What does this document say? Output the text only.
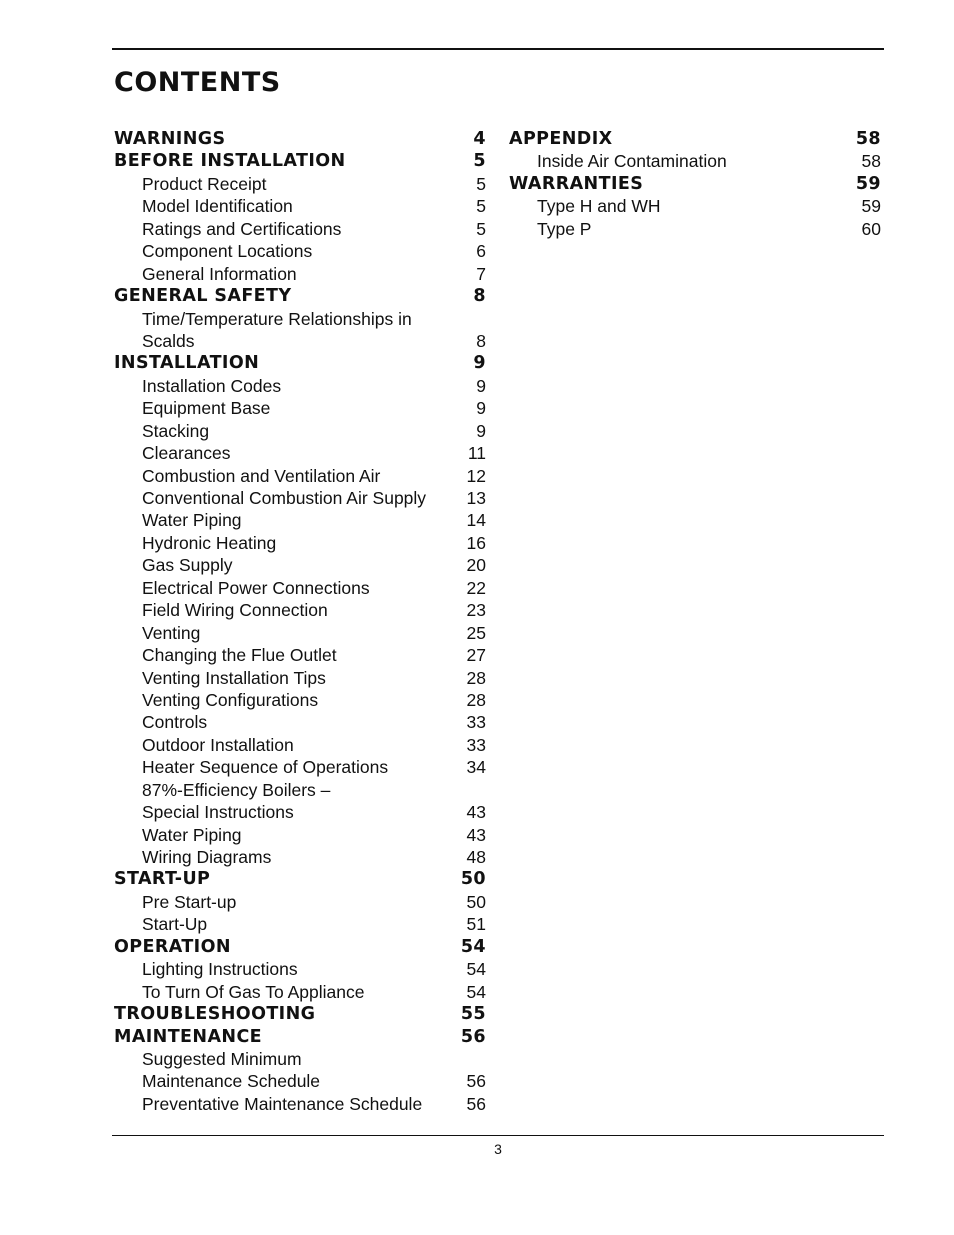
CONTENTS
WARNINGS	4
BEFORE INSTALLATION	5
Product Receipt	5
Model Identification	5
Ratings and Certifications	5
Component Locations	6
General Information	7
GENERAL SAFETY	8
Time/Temperature Relationships in
Scalds	8
INSTALLATION	9
Installation Codes	9
Equipment Base	9
Stacking	9
Clearances	11
Combustion and Ventilation Air	12
Conventional Combustion Air Supply 13
Water Piping	14
Hydronic Heating	16
Gas Supply	20
Electrical Power Connections	22
Field Wiring Connection	23
Venting	25
Changing the Flue Outlet	27
Venting Installation Tips	28
Venting Configurations	28
Controls	33
Outdoor Installation	33
Heater Sequence of Operations	34
87%-Efficiency Boilers –
Special Instructions	43
Water Piping	43
Wiring Diagrams	48
START-UP	50
Pre Start-up	50
Start-Up	51
OPERATION	54
Lighting Instructions	54
To Turn Of Gas To Appliance	54
TROUBLESHOOTING	55
MAINTENANCE	56
Suggested Minimum
Maintenance Schedule	56
Preventative Maintenance Schedule	56
APPENDIX	58
Inside Air Contamination	58
WARRANTIES	59
Type H and WH	59
Type P	60
3
